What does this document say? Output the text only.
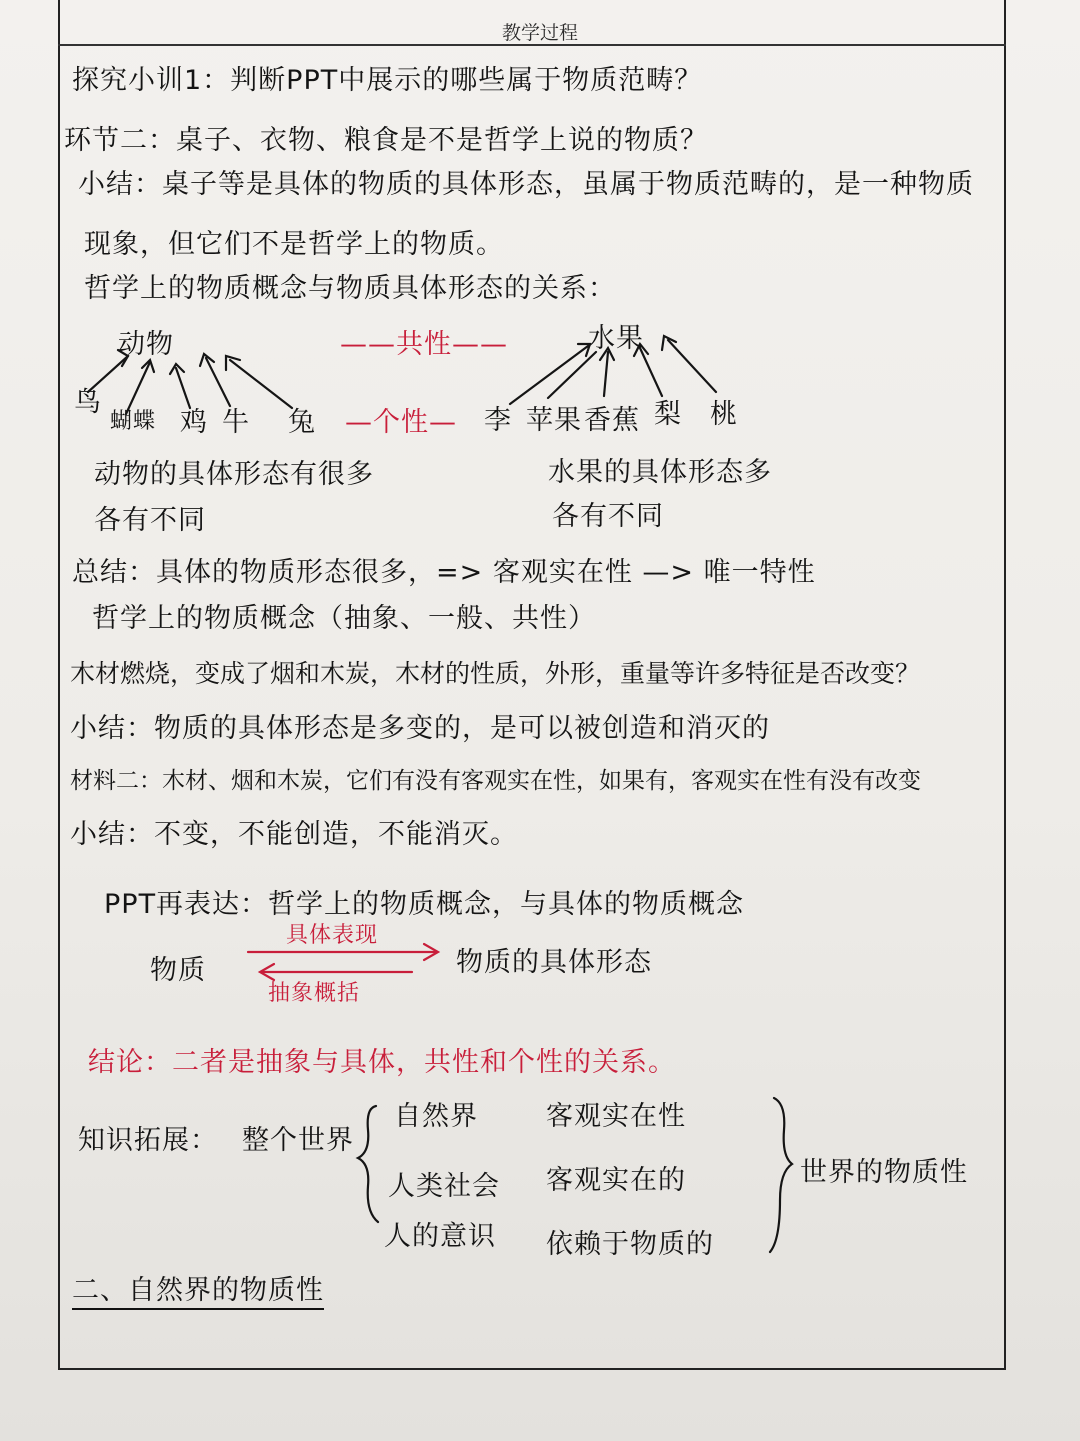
教学过程
探究小训1：判断PPT中展示的哪些属于物质范畴？
环节二：桌子、衣物、粮食是不是哲学上说的物质？
小结：桌子等是具体的物质的具体形态，虽属于物质范畴的，是一种物质
现象，但它们不是哲学上的物质。
哲学上的物质概念与物质具体形态的关系：
动物	——共性——	水果
鸟
蝴蝶 鸡 牛 兔 —个性— 李 苹果 香蕉 梨 桃
动物的具体形态有很多
各有不同
水果的具体形态多
各有不同
总结：具体的物质形态很多，=> 客观实在性 —> 唯一特性
哲学上的物质概念（抽象、一般、共性）
木材燃烧，变成了烟和木炭，木材的性质，外形，重量等许多特征是否改变？
小结：物质的具体形态是多变的，是可以被创造和消灭的
材料二：木材、烟和木炭，它们有没有客观实在性，如果有，客观实在性有没有改变
小结：不变，不能创造，不能消灭。
PPT再表达：哲学上的物质概念，与具体的物质概念
物质
具体表现
抽象概括
物质的具体形态
结论：二者是抽象与具体，共性和个性的关系。
知识拓展： 整个世界
自然界	客观实在性
人类社会 客观实在的
人的意识 依赖于物质的
世界的物质性
二、自然界的物质性
